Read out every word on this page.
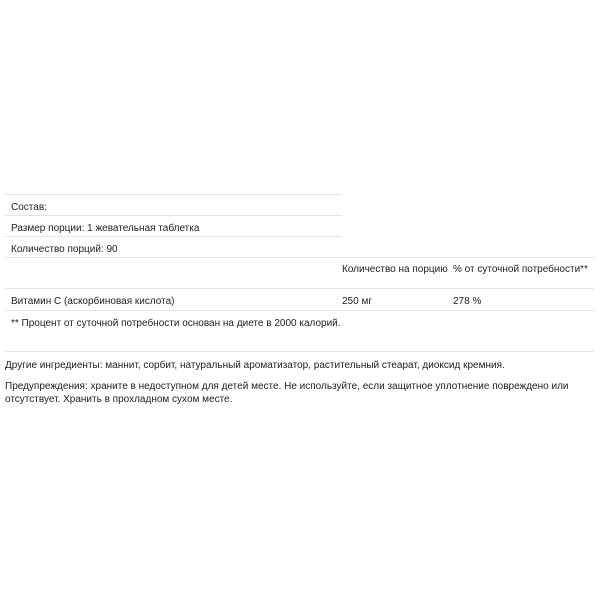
Состав:
Размер порции: 1 жевательная таблетка
Количество порций: 90
Количество на порцию % от суточной потребности**
Витамин С (аскорбиновая кислота)	250 мг	278 %
** Процент от суточной потребности основан на диете в 2000 калорий.
Другие ингредиенты: маннит, сорбит, натуральный ароматизатор, растительный стеарат, диоксид кремния.
Предупреждения: храните в недоступном для детей месте. Не используйте, если защитное уплотнение повреждено или отсутствует. Хранить в прохладном сухом месте.
